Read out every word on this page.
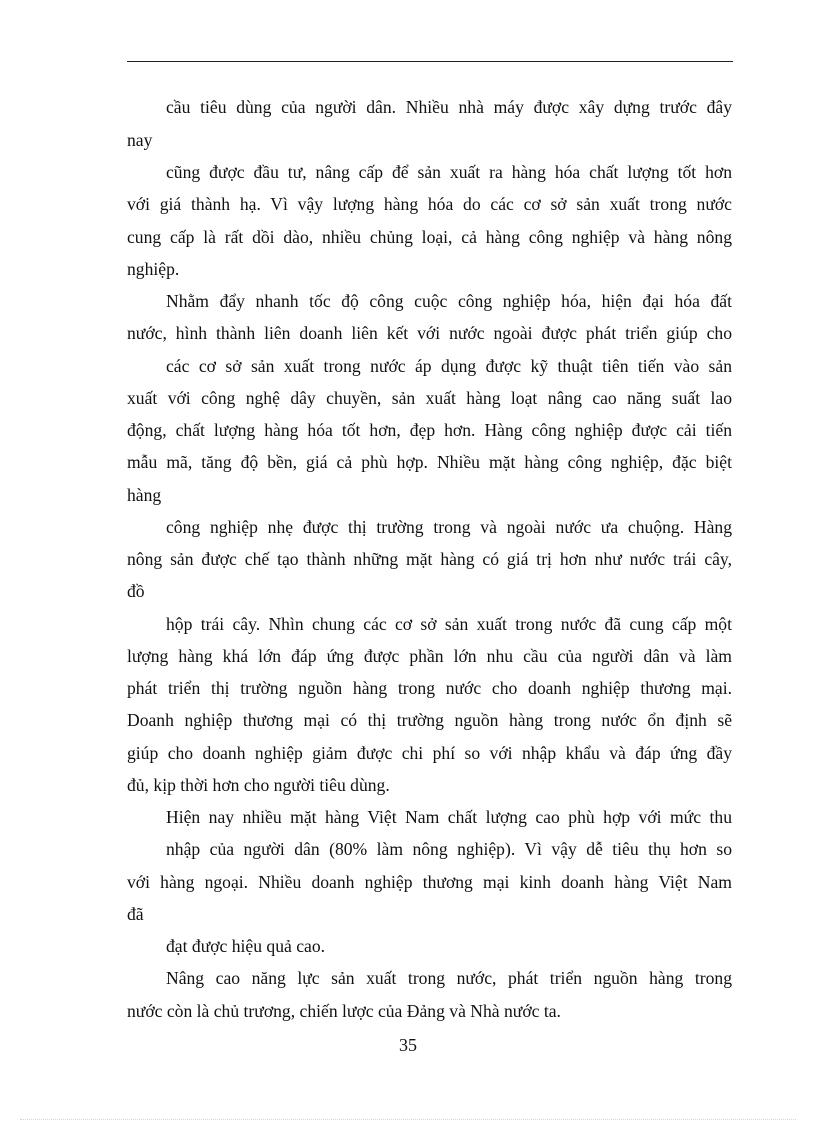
cầu tiêu dùng của người dân. Nhiều nhà máy được xây dựng trước đây
nay
cũng được đầu tư, nâng cấp để sản xuất ra hàng hóa chất lượng tốt hơn
với giá thành hạ. Vì vậy lượng hàng hóa do các cơ sở sản xuất trong nước
cung cấp là rất dồi dào, nhiều chủng loại, cả hàng công nghiệp và hàng nông
nghiệp.
Nhằm đẩy nhanh tốc độ công cuộc công nghiệp hóa, hiện đại hóa đất
nước, hình thành liên doanh liên kết với nước ngoài được phát triển giúp cho
các cơ sở sản xuất trong nước áp dụng được kỹ thuật tiên tiến vào sản
xuất với công nghệ dây chuyền, sản xuất hàng loạt nâng cao năng suất lao
động, chất lượng hàng hóa tốt hơn, đẹp hơn. Hàng công nghiệp được cải tiến
mẫu mã, tăng độ bền, giá cả phù hợp. Nhiều mặt hàng công nghiệp, đặc biệt
hàng
công nghiệp nhẹ được thị trường trong và ngoài nước ưa chuộng. Hàng
nông sản được chế tạo thành những mặt hàng có giá trị hơn như nước trái cây,
đồ
hộp trái cây. Nhìn chung các cơ sở sản xuất trong nước đã cung cấp một
lượng hàng khá lớn đáp ứng được phần lớn nhu cầu của người dân và làm
phát triển thị trường nguồn hàng trong nước cho doanh nghiệp thương mại.
Doanh nghiệp thương mại có thị trường nguồn hàng trong nước ổn định sẽ
giúp cho doanh nghiệp giảm được chi phí so với nhập khẩu và đáp ứng đầy
đủ, kịp thời hơn cho người tiêu dùng.
Hiện nay nhiều mặt hàng Việt Nam chất lượng cao phù hợp với mức thu
nhập của người dân (80% làm nông nghiệp). Vì vậy dễ tiêu thụ hơn so
với hàng ngoại. Nhiều doanh nghiệp thương mại kinh doanh hàng Việt Nam
đã
đạt được hiệu quả cao.
Nâng cao năng lực sản xuất trong nước, phát triển nguồn hàng trong
nước còn là chủ trương, chiến lược của Đảng và Nhà nước ta.
35
